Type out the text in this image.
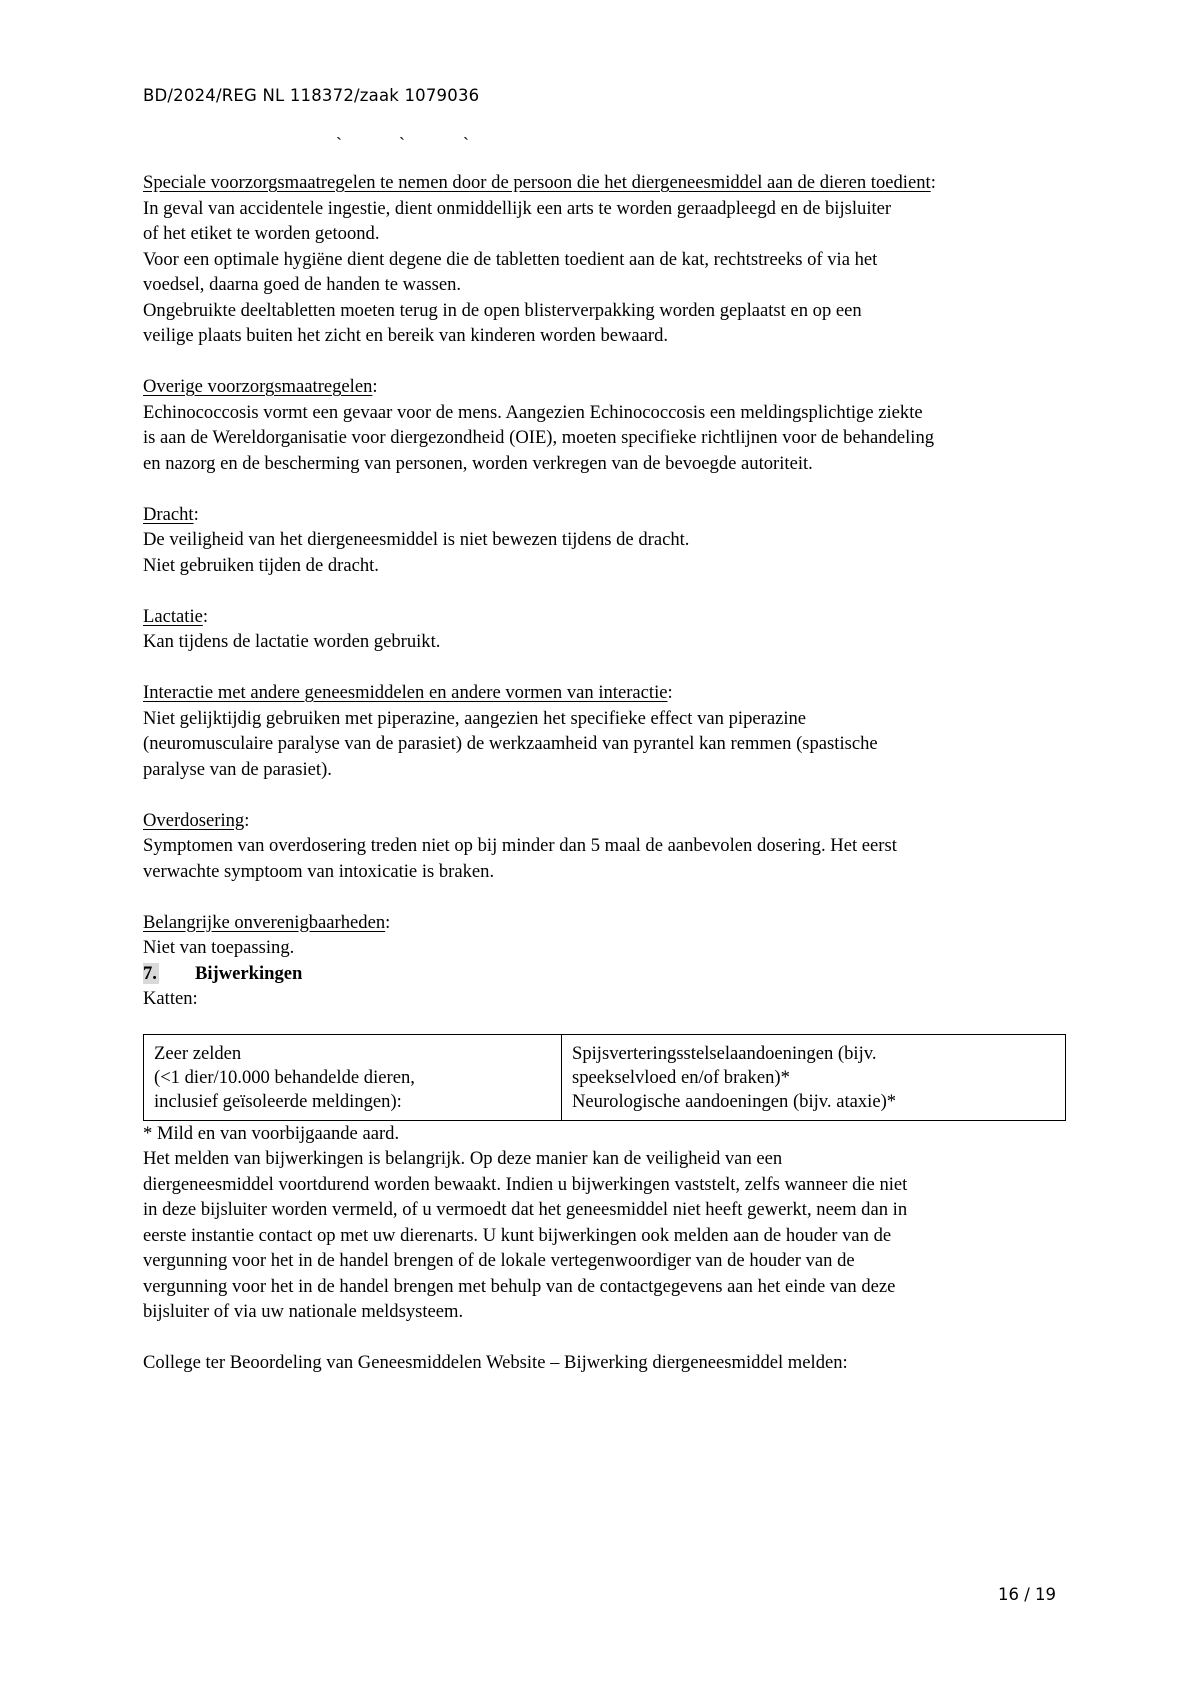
BD/2024/REG NL 118372/zaak 1079036
`	`	`

Speciale voorzorgsmaatregelen te nemen door de persoon die het diergeneesmiddel aan de dieren toedient:

In geval van accidentele ingestie, dient onmiddellijk een arts te worden geraadpleegd en de bijsluiter

of het etiket te worden getoond.

Voor een optimale hygiëne dient degene die de tabletten toedient aan de kat, rechtstreeks of via het

voedsel, daarna goed de handen te wassen.

Ongebruikte deeltabletten moeten terug in de open blisterverpakking worden geplaatst en op een

veilige plaats buiten het zicht en bereik van kinderen worden bewaard.

Overige voorzorgsmaatregelen:

Echinococcosis vormt een gevaar voor de mens. Aangezien Echinococcosis een meldingsplichtige ziekte

is aan de Wereldorganisatie voor diergezondheid (OIE), moeten specifieke richtlijnen voor de behandeling

en nazorg en de bescherming van personen, worden verkregen van de bevoegde autoriteit.

Dracht:

De veiligheid van het diergeneesmiddel is niet bewezen tijdens de dracht.

Niet gebruiken tijden de dracht.

Lactatie:

Kan tijdens de lactatie worden gebruikt.

Interactie met andere geneesmiddelen en andere vormen van interactie:

Niet gelijktijdig gebruiken met piperazine, aangezien het specifieke effect van piperazine

(neuromusculaire paralyse van de parasiet) de werkzaamheid van pyrantel kan remmen (spastische

paralyse van de parasiet).

Overdosering:

Symptomen van overdosering treden niet op bij minder dan 5 maal de aanbevolen dosering. Het eerst

verwachte symptoom van intoxicatie is braken.

Belangrijke onverenigbaarheden:

Niet van toepassing.

7. Bijwerkingen

Katten:

Zeer zelden

(<1 dier/10.000 behandelde dieren,

inclusief geïsoleerde meldingen):

Spijsverteringsstelselaandoeningen (bijv.

speekselvloed en/of braken)*

Neurologische aandoeningen (bijv. ataxie)*

* Mild en van voorbijgaande aard.

Het melden van bijwerkingen is belangrijk. Op deze manier kan de veiligheid van een

diergeneesmiddel voortdurend worden bewaakt. Indien u bijwerkingen vaststelt, zelfs wanneer die niet

in deze bijsluiter worden vermeld, of u vermoedt dat het geneesmiddel niet heeft gewerkt, neem dan in

eerste instantie contact op met uw dierenarts. U kunt bijwerkingen ook melden aan de houder van de

vergunning voor het in de handel brengen of de lokale vertegenwoordiger van de houder van de

vergunning voor het in de handel brengen met behulp van de contactgegevens aan het einde van deze

bijsluiter of via uw nationale meldsysteem.

College ter Beoordeling van Geneesmiddelen Website – Bijwerking diergeneesmiddel melden:

16 / 19
